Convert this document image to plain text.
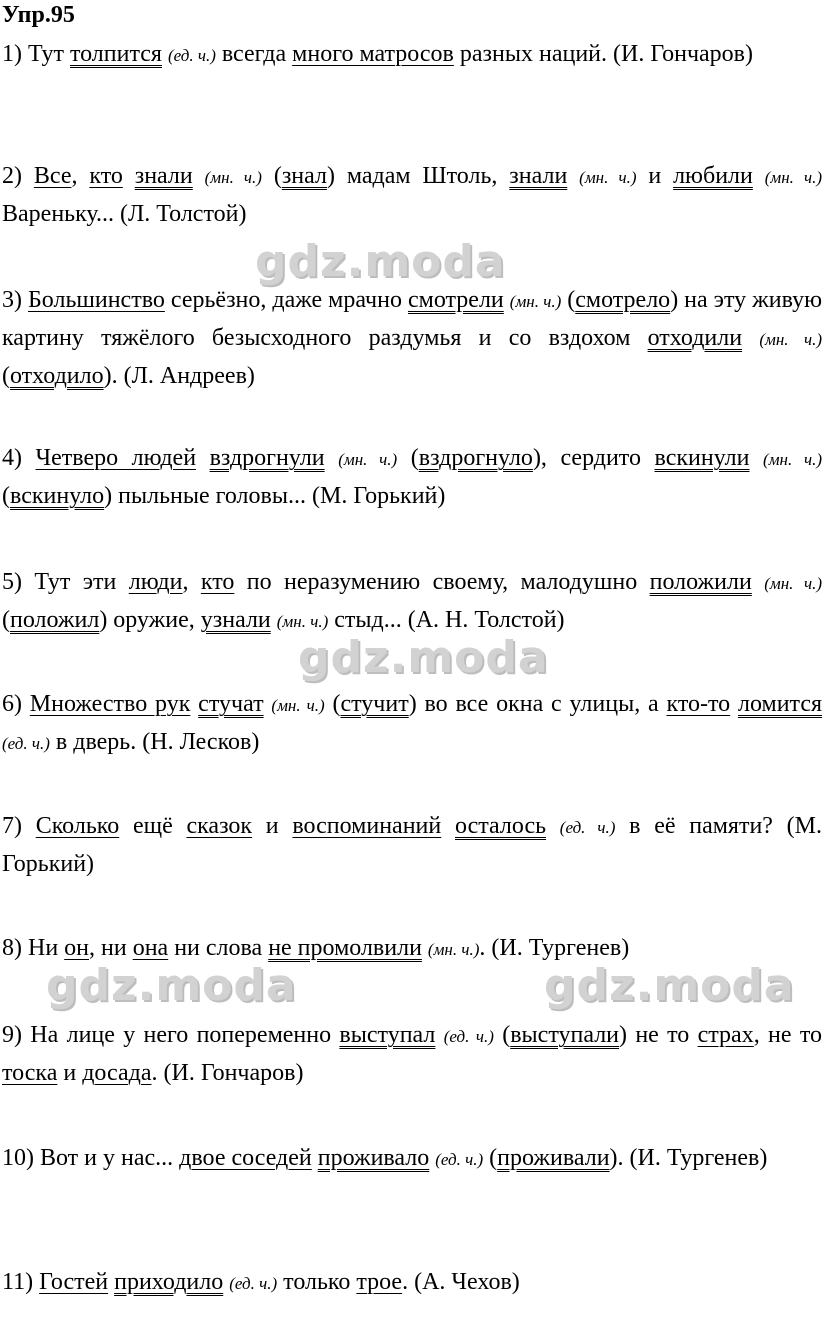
Упр.95
1) Тут толпится (ед. ч.) всегда много матросов разных наций. (И. Гончаров)
2) Все, кто знали (мн. ч.) (знал) мадам Штоль, знали (мн. ч.) и любили (мн. ч.) Вареньку... (Л. Толстой)
3) Большинство серьёзно, даже мрачно смотрели (мн. ч.) (смотрело) на эту живую картину тяжёлого безысходного раздумья и со вздохом отходили (мн. ч.) (отходило). (Л. Андреев)
4) Четверо людей вздрогнули (мн. ч.) (вздрогнуло), сердито вскинули (мн. ч.) (вскинуло) пыльные головы... (М. Горький)
5) Тут эти люди, кто по неразумению своему, малодушно положили (мн. ч.) (положил) оружие, узнали (мн. ч.) стыд... (А. Н. Толстой)
6) Множество рук стучат (мн. ч.) (стучит) во все окна с улицы, а кто-то ломится (ед. ч.) в дверь. (Н. Лесков)
7) Сколько ещё сказок и воспоминаний осталось (ед. ч.) в её памяти? (М. Горький)
8) Ни он, ни она ни слова не промолвили (мн. ч.). (И. Тургенев)
9) На лице у него попеременно выступал (ед. ч.) (выступали) не то страх, не то тоска и досада. (И. Гончаров)
10) Вот и у нас... двое соседей проживало (ед. ч.) (проживали). (И. Тургенев)
11) Гостей приходило (ед. ч.) только трое. (А. Чехов)
gdz.moda
gdz.moda
gdz.moda	gdz.moda
